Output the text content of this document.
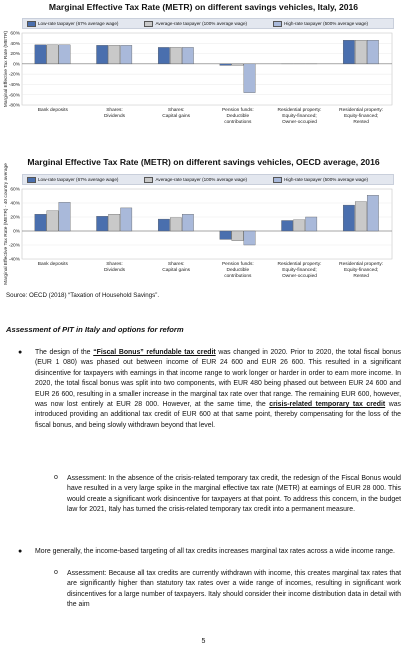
Marginal Effective Tax Rate (METR) on different savings vehicles, Italy, 2016
Low-rate taxpayer (67% average wage)	Average-rate taxpayer (100% average wage)	High-rate taxpayer (500% average wage)
60%
40%
20%
0%
-20%
-40%
-60%
-80%
Marginal Effective Tax Rate (METR)
Bank deposits	Shares:
Dividends
Shares:
Capital gains
Pension funds:
Deductible
contributions
Residential property:
Equity-financed;
Owner-occupied
Residential property:
Equity-financed;
Rented
Marginal Effective Tax Rate (METR) on different savings vehicles, OECD average, 2016
Low-rate taxpayer (67% average wage)	Average-rate taxpayer (100% average wage)	High-rate taxpayer (500% average wage)
60%
40%
20%
0%
-20%
-40%
Marginal Effective Tax Rate (METR) - 40 country average	Bank deposits	Shares:
Dividends
Shares:
Capital gains
Pension funds:
Deductible
contributions
Residential property:
Equity-financed;
Owner-occupied
Residential property:
Equity-financed;
Rented
Source: OECD (2018) “Taxation of Household Savings”.
Assessment of PIT in Italy and options for reform
● The design of the “Fiscal Bonus” refundable tax credit was changed in 2020. Prior to 2020, the total fiscal bonus (EUR 1 080) was phased out between income of EUR 24 600 and EUR 26 600. This resulted in a significant disincentive for taxpayers with earnings in that income range to work longer or harder in order to earn more income. In 2020, the total fiscal bonus was split into two components, with EUR 480 being phased out between EUR 24 600 and EUR 26 600, resulting in a smaller increase in the marginal tax rate over that range. The remaining EUR 600, however, was now lost entirely at EUR 28 000. However, at the same time, the crisis-related temporary tax credit was introduced providing an additional tax credit of EUR 600 at that same point, thereby compensating for the loss of the fiscal bonus, and being slowly withdrawn beyond that level.
o Assessment: In the absence of the crisis-related temporary tax credit, the redesign of the Fiscal Bonus would have resulted in a very large spike in the marginal effective tax rate (METR) at earnings of EUR 28 000. This would create a significant work disincentive for taxpayers at that point. To address this concern, in the budget law for 2021, Italy has turned the crisis-related temporary tax credit into a permanent measure.
● More generally, the income-based targeting of all tax credits increases marginal tax rates across a wide income range.
o Assessment: Because all tax credits are currently withdrawn with income, this creates marginal tax rates that are significantly higher than statutory tax rates over a wide range of incomes, resulting in significant work disincentives for a large number of taxpayers. Italy should consider their income distribution data in detail with the aim
5
